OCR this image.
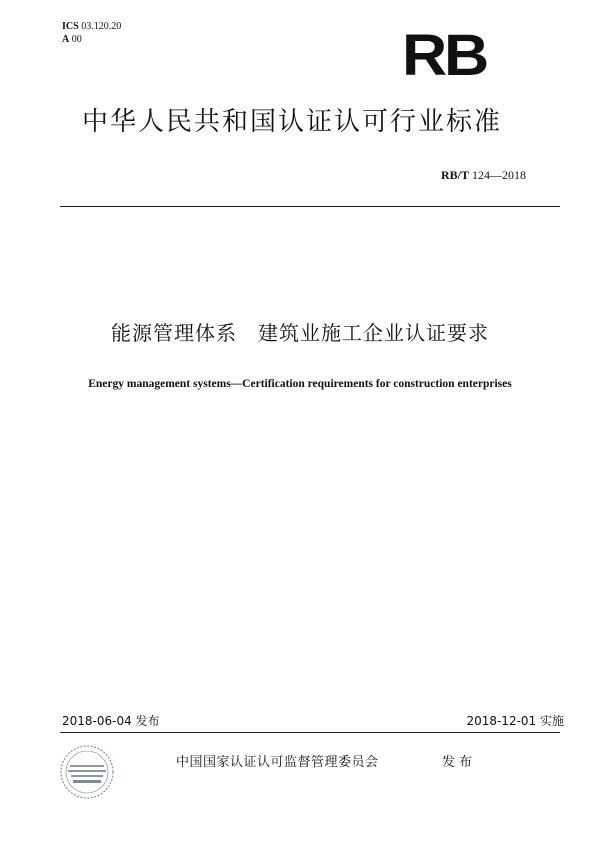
ICS 03.120.20
A 00	RB
中华人民共和国认证认可行业标准
RB/T 124—2018
能源管理体系　建筑业施工企业认证要求
Energy management systems—Certification requirements for construction enterprises
2018-06-04 发布	2018-12-01 实施
中国国家认证认可监督管理委员会	发布
